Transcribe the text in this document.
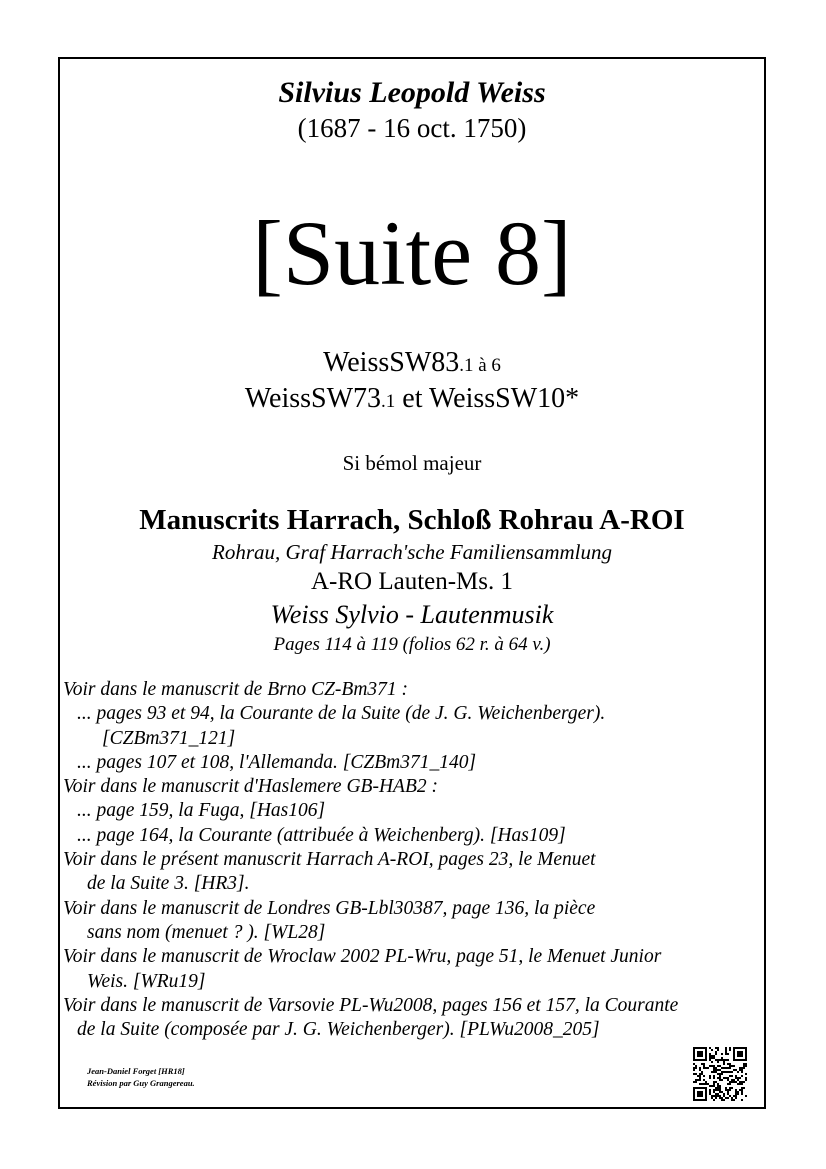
Silvius Leopold Weiss
(1687 - 16 oct. 1750)
[Suite 8]
WeissSW83.1 à 6
WeissSW73.1 et WeissSW10*
Si bémol majeur
Manuscrits Harrach, Schloß Rohrau A-ROI
Rohrau, Graf Harrach'sche Familiensammlung
A-RO Lauten-Ms. 1
Weiss Sylvio - Lautenmusik
Pages 114 à 119 (folios 62 r. à 64 v.)
Voir dans le manuscrit de Brno CZ-Bm371 :
... pages 93 et 94, la Courante de la Suite (de J. G. Weichenberger).
[CZBm371_121]
... pages 107 et 108, l'Allemanda. [CZBm371_140]
Voir dans le manuscrit d'Haslemere GB-HAB2 :
... page 159, la Fuga, [Has106]
... page 164, la Courante (attribuée à Weichenberg). [Has109]
Voir dans le présent manuscrit Harrach A-ROI, pages 23, le Menuet
de la Suite 3. [HR3].
Voir dans le manuscrit de Londres GB-Lbl30387, page 136, la pièce
sans nom (menuet ? ). [WL28]
Voir dans le manuscrit de Wroclaw 2002 PL-Wru, page 51, le Menuet Junior
Weis. [WRu19]
Voir dans le manuscrit de Varsovie PL-Wu2008, pages 156 et 157, la Courante
de la Suite (composée par J. G. Weichenberger). [PLWu2008_205]
Jean-Daniel Forget [HR18]
Révision par Guy Grangereau.
